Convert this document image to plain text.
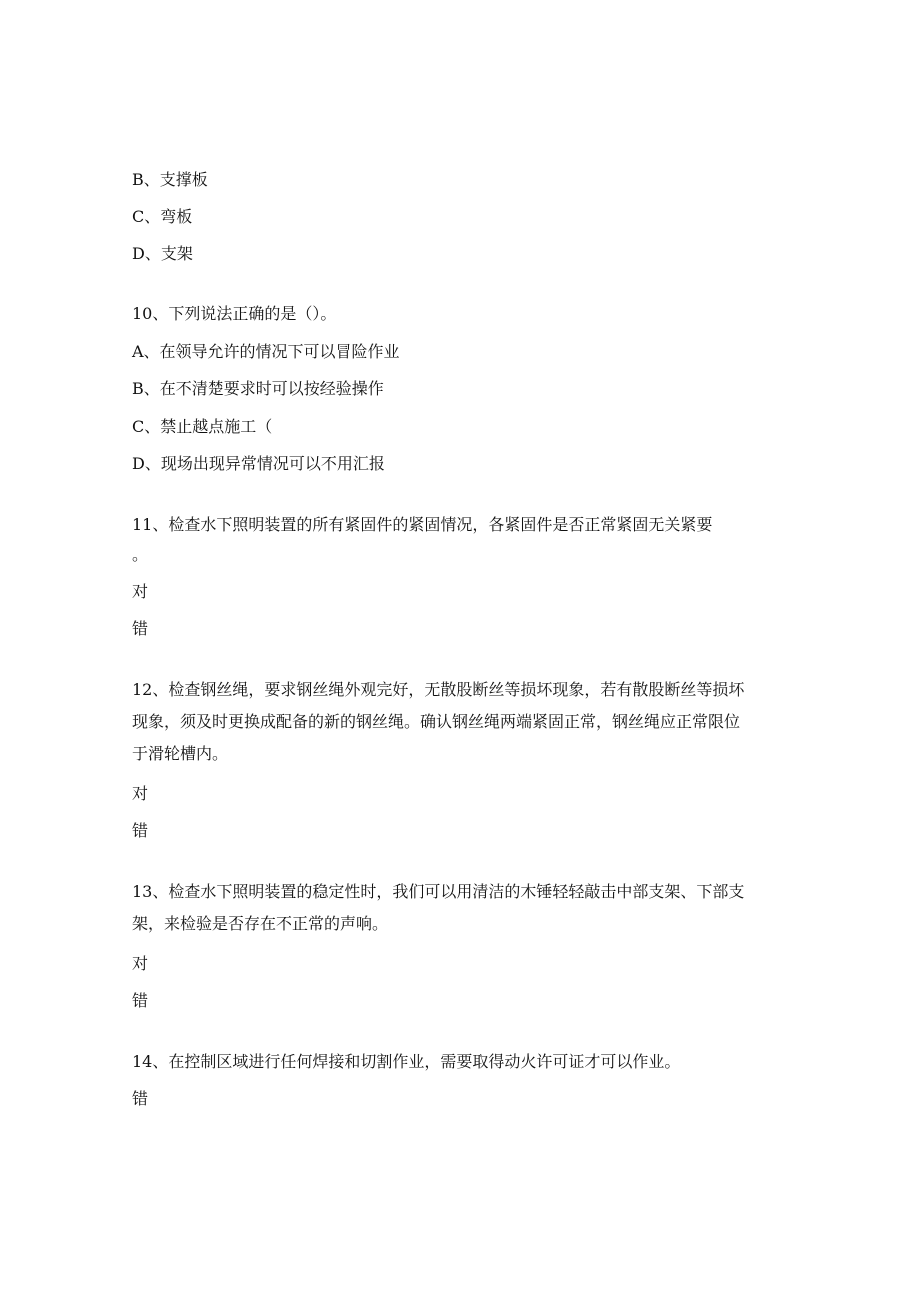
B、支撑板
C、弯板
D、支架
10、下列说法正确的是（）。
A、在领导允许的情况下可以冒险作业
B、在不清楚要求时可以按经验操作
C、禁止越点施工（
D、现场出现异常情况可以不用汇报
11、检查水下照明装置的所有紧固件的紧固情况，各紧固件是否正常紧固无关紧要
。
对
错
12、检查钢丝绳，要求钢丝绳外观完好，无散股断丝等损坏现象，若有散股断丝等损坏
现象，须及时更换成配备的新的钢丝绳。确认钢丝绳两端紧固正常，钢丝绳应正常限位
于滑轮槽内。
对
错
13、检查水下照明装置的稳定性时，我们可以用清洁的木锤轻轻敲击中部支架、下部支
架，来检验是否存在不正常的声响。
对
错
14、在控制区域进行任何焊接和切割作业，需要取得动火许可证才可以作业。
错
